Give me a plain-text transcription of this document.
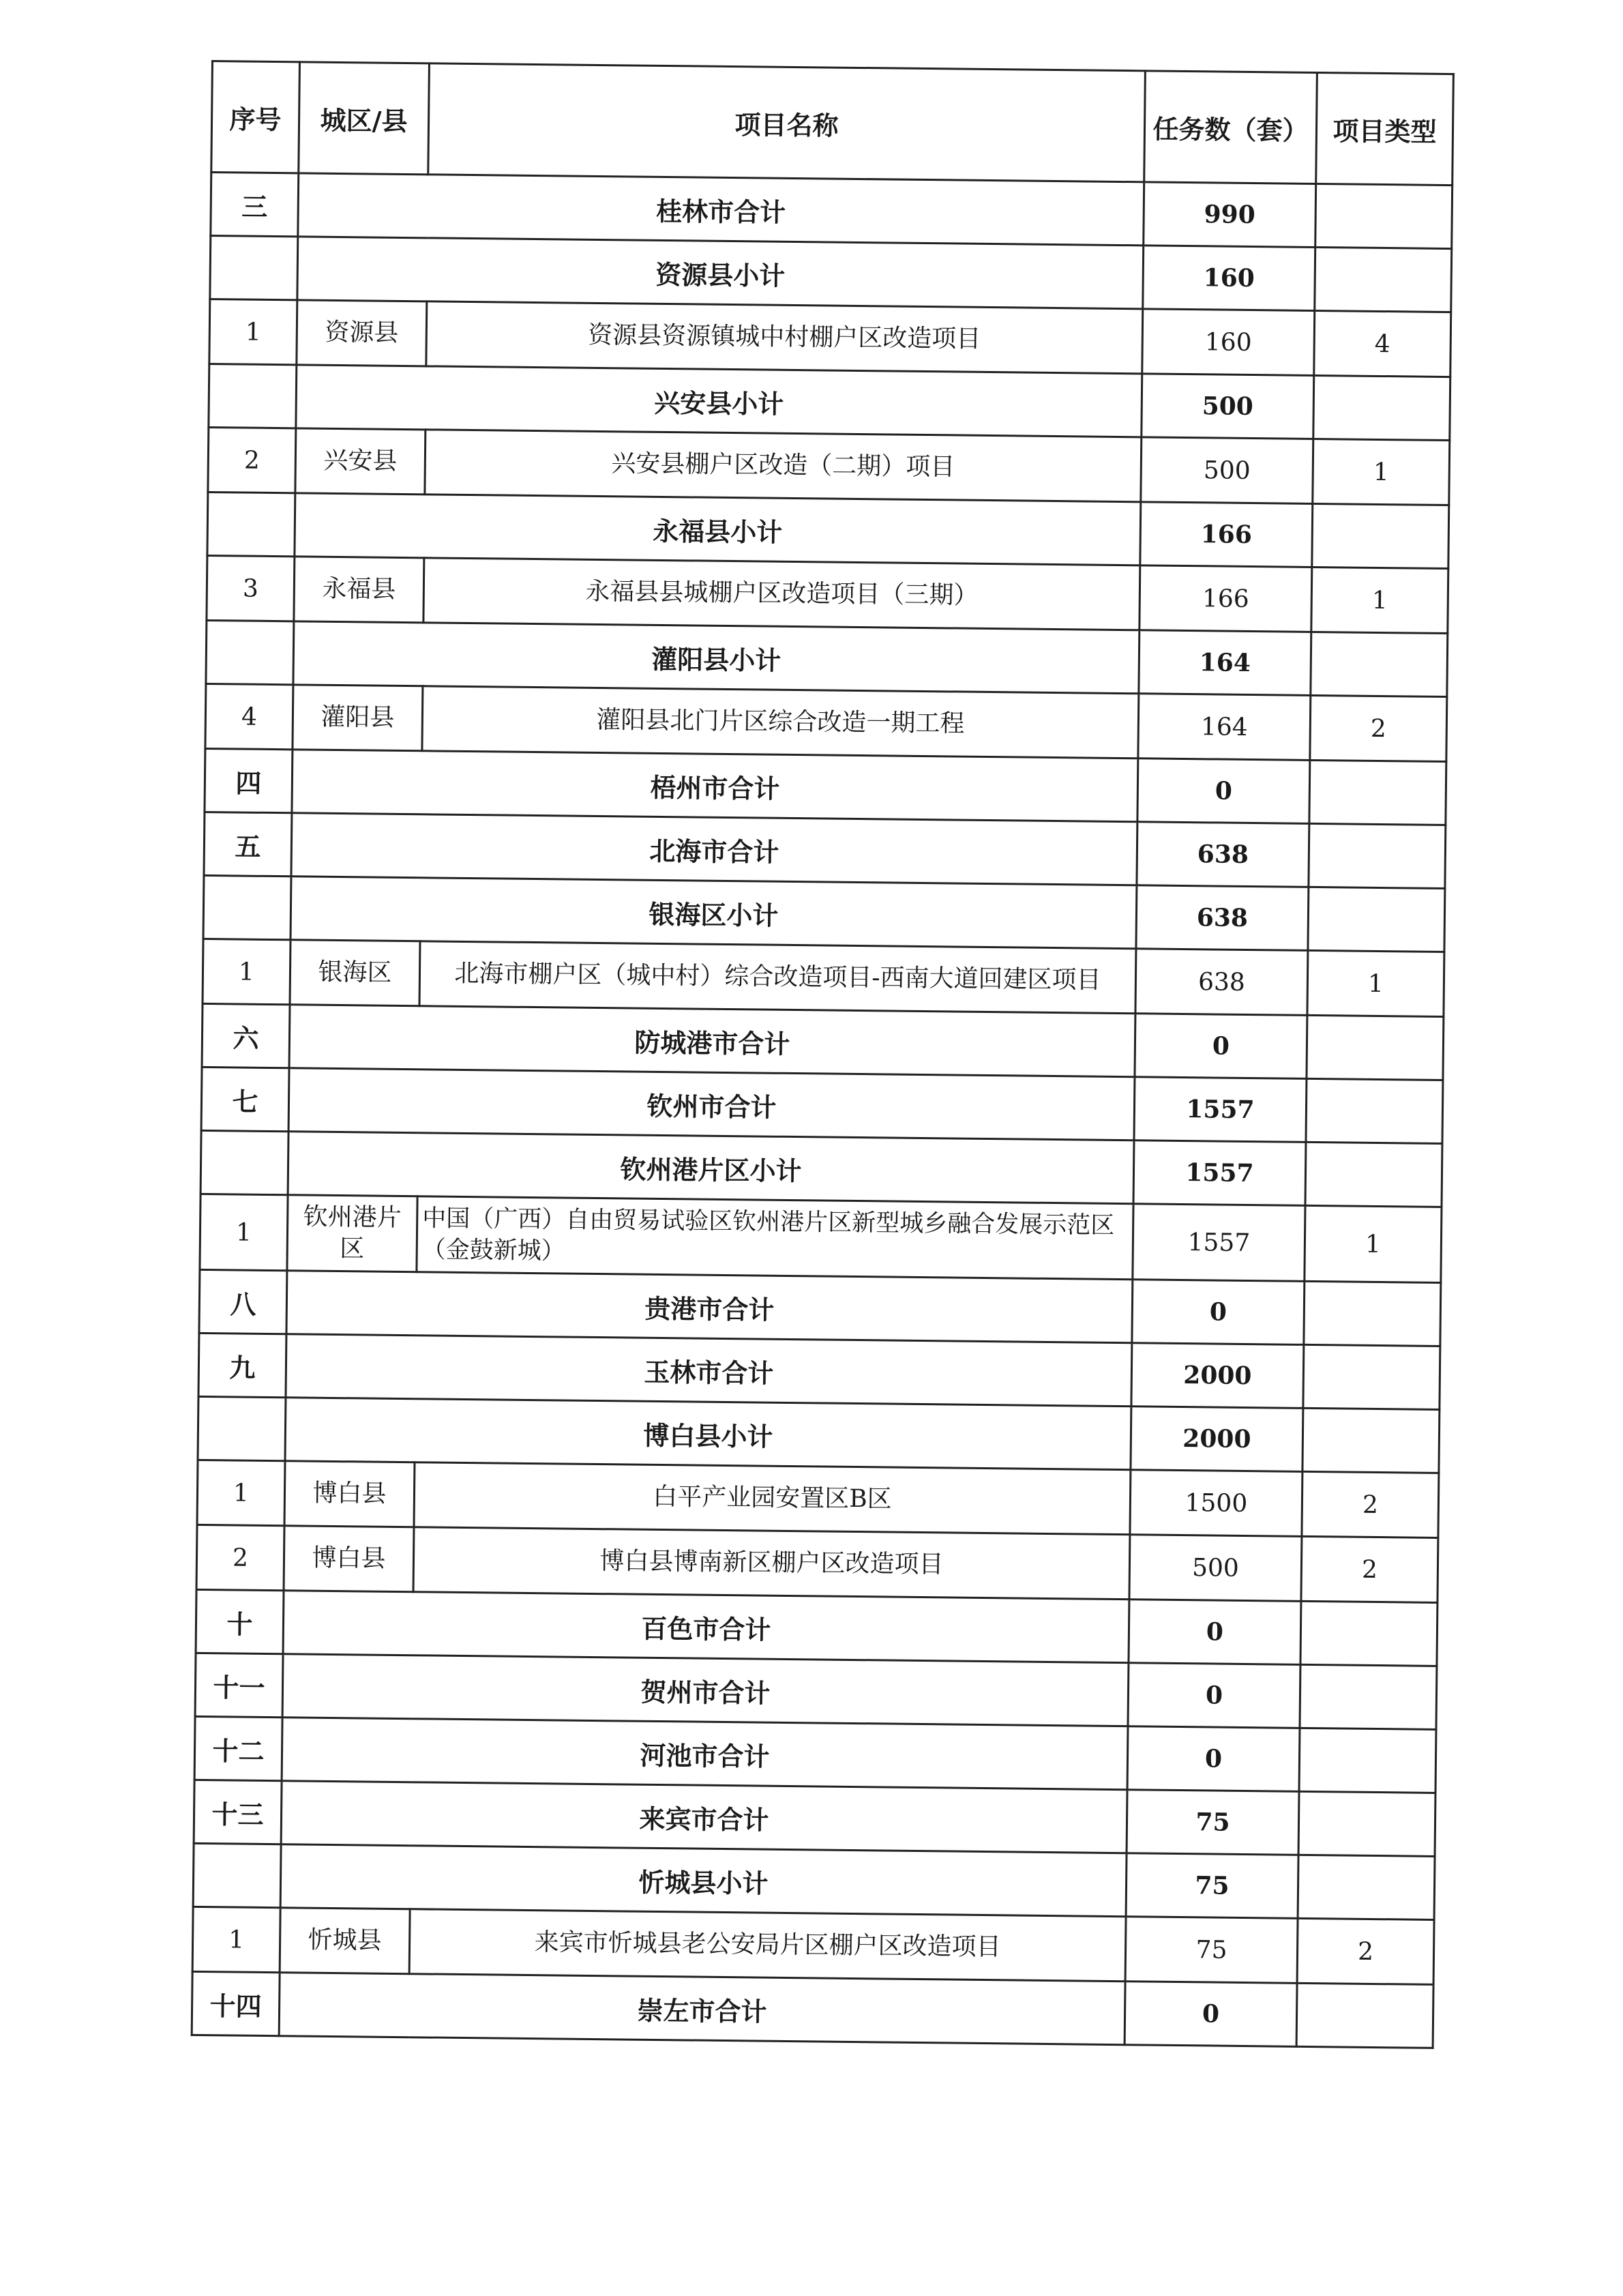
序号	城区/县	项目名称	任务数（套）	项目类型
三	桂林市合计		990	
	资源县小计		160	
1	资源县	资源县资源镇城中村棚户区改造项目	160	4
	兴安县小计		500	
2	兴安县	兴安县棚户区改造（二期）项目	500	1
	永福县小计		166	
3	永福县	永福县县城棚户区改造项目（三期）	166	1
	灌阳县小计		164	
4	灌阳县	灌阳县北门片区综合改造一期工程	164	2
四	梧州市合计		0	
五	北海市合计		638	
	银海区小计		638	
1	银海区	北海市棚户区（城中村）综合改造项目-西南大道回建区项目	638	1
六	防城港市合计		0	
七	钦州市合计		1557	
	钦州港片区小计		1557	
1	钦州港片区	中国（广西）自由贸易试验区钦州港片区新型城乡融合发展示范区（金鼓新城）	1557	1
八	贵港市合计		0	
九	玉林市合计		2000	
	博白县小计		2000	
1	博白县	白平产业园安置区B区	1500	2
2	博白县	博白县博南新区棚户区改造项目	500	2
十	百色市合计		0	
十一	贺州市合计		0	
十二	河池市合计		0	
十三	来宾市合计		75	
	忻城县小计		75	
1	忻城县	来宾市忻城县老公安局片区棚户区改造项目	75	2
十四	崇左市合计		0	
